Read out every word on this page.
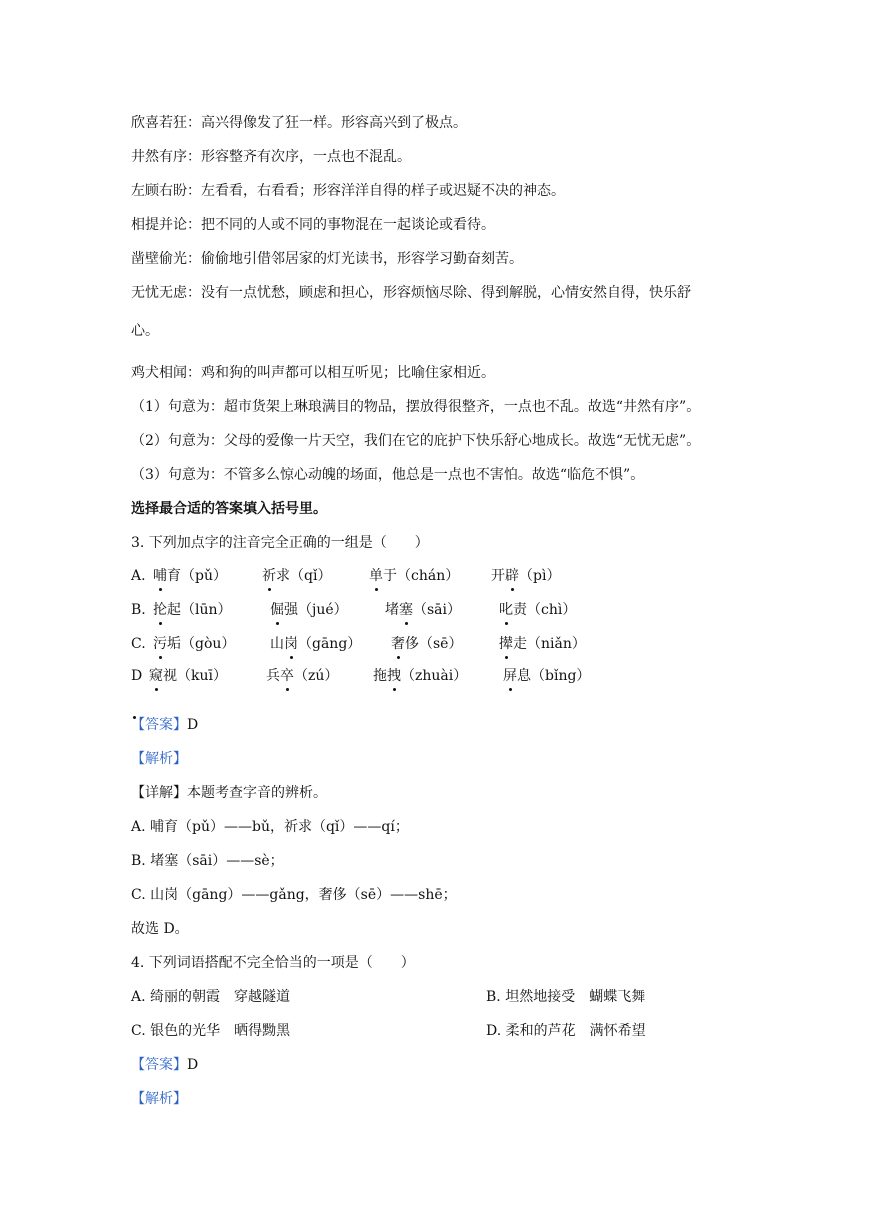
欣喜若狂：高兴得像发了狂一样。形容高兴到了极点。
井然有序：形容整齐有次序，一点也不混乱。
左顾右盼：左看看，右看看；形容洋洋自得的样子或迟疑不决的神态。
相提并论：把不同的人或不同的事物混在一起谈论或看待。
凿壁偷光：偷偷地引借邻居家的灯光读书，形容学习勤奋刻苦。
无忧无虑：没有一点忧愁，顾虑和担心，形容烦恼尽除、得到解脱，心情安然自得，快乐舒
心。
鸡犬相闻：鸡和狗的叫声都可以相互听见；比喻住家相近。
（1）句意为：超市货架上琳琅满目的物品，摆放得很整齐，一点也不乱。故选“井然有序”。
（2）句意为：父母的爱像一片天空，我们在它的庇护下快乐舒心地成长。故选“无忧无虑”。
（3）句意为：不管多么惊心动魄的场面，他总是一点也不害怕。故选“临危不惧”。
选择最合适的答案填入括号里。
3. 下列加点字的注音完全正确的一组是（　　）
A. 哺育（pǔ）	祈求（qǐ）	单于（chán） 开辟（pì）
B. 抡起（lūn）	倔强（jué）	堵塞（sāi）	叱责（chì）
C. 污垢（gòu） 山岗（gāng） 奢侈（sē）	撵走（niǎn）
D 窥视（kuī）	兵卒（zú） 拖拽（zhuài）	屏息（bǐng）
【答案】D
【解析】
【详解】本题考查字音的辨析。
A. 哺育（pǔ）——bǔ，祈求（qǐ）——qí；
B. 堵塞（sāi）——sè；
C. 山岗（gāng）——gǎng，奢侈（sē）——shē；
故选 D。
4. 下列词语搭配不完全恰当的一项是（　　）
A. 绮丽的朝霞　穿越隧道	B. 坦然地接受　蝴蝶飞舞
C. 银色的光华　晒得黝黑	D. 柔和的芦花　满怀希望
【答案】D
【解析】
